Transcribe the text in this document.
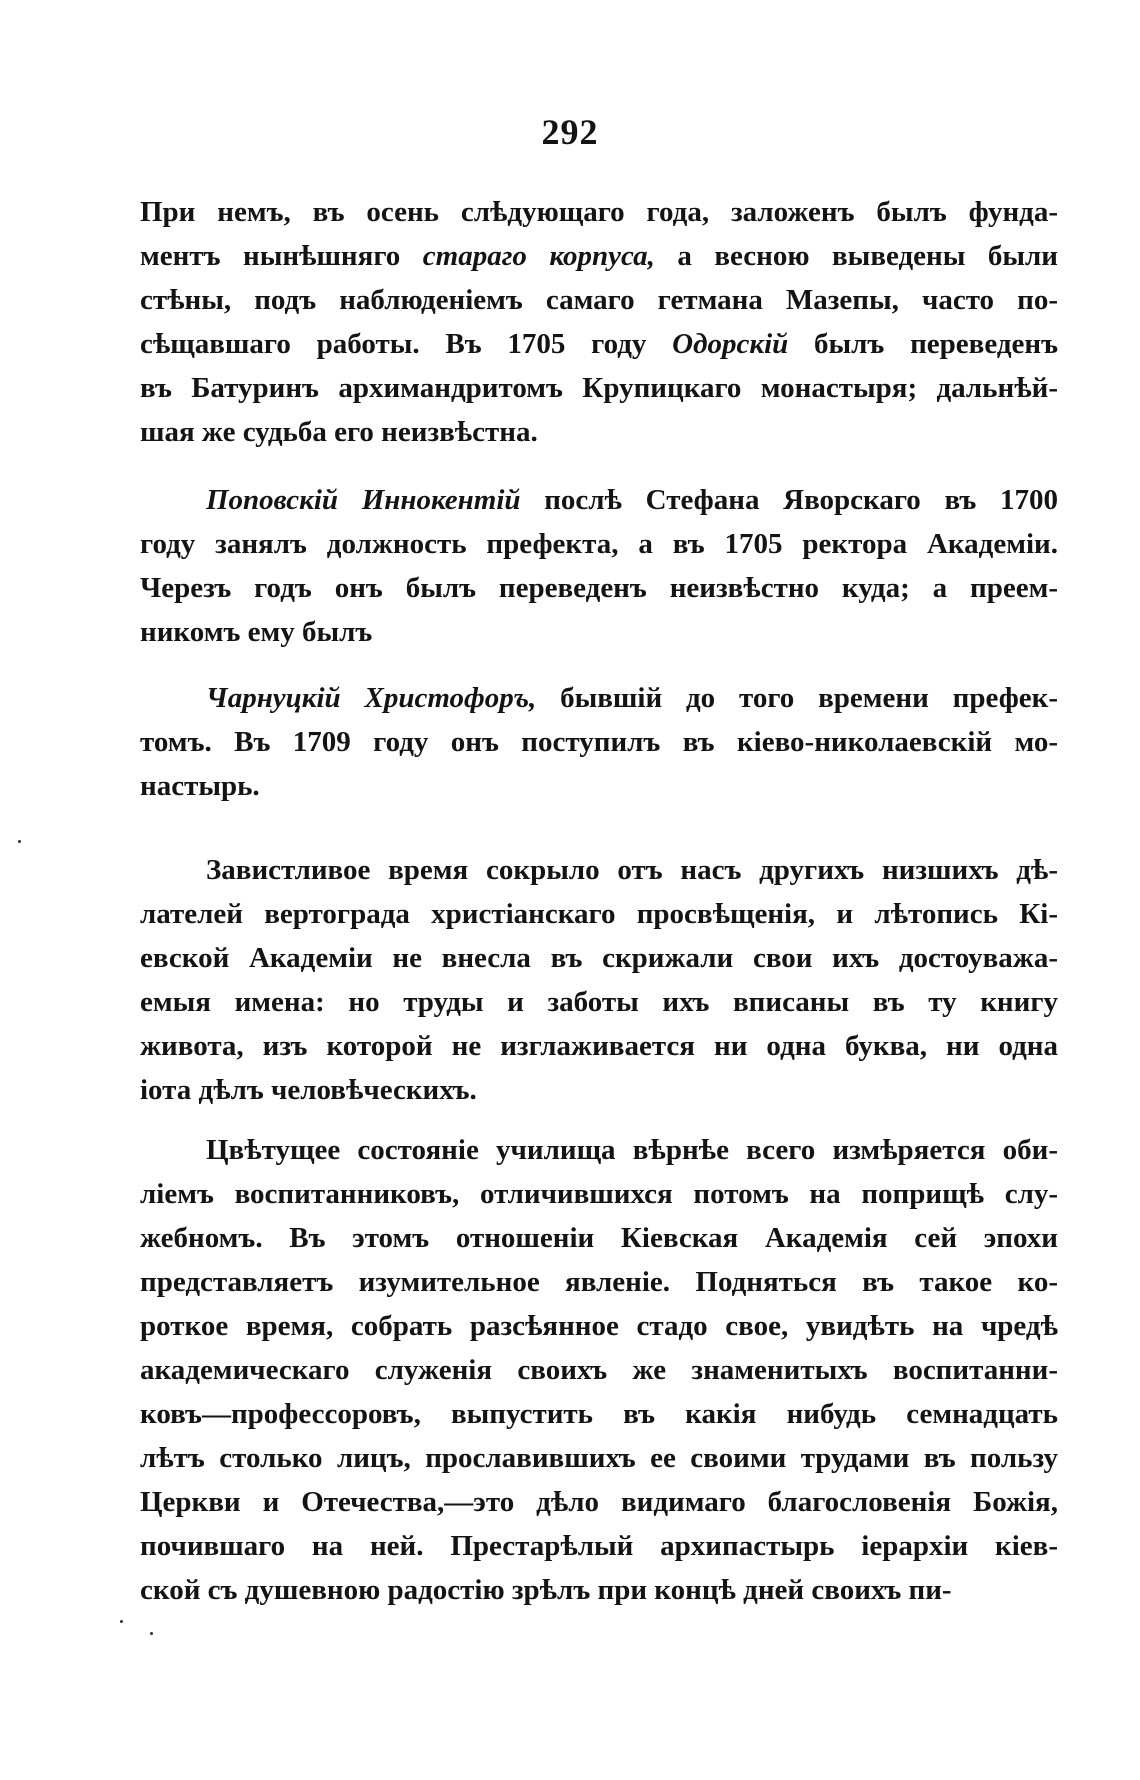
292
При немъ, въ осень слѣдующаго года, заложенъ былъ фунда-
ментъ нынѣшняго стараго корпуса, а весною выведены были
стѣны, подъ наблюденіемъ самаго гетмана Мазепы, часто по-
сѣщавшаго работы. Въ 1705 году Одорскій былъ переведенъ
въ Батуринъ архимандритомъ Крупицкаго монастыря; дальнѣй-
шая же судьба его неизвѣстна.
Поповскій Иннокентій послѣ Стефана Яворскаго въ 1700
году занялъ должность префекта, а въ 1705 ректора Академіи.
Черезъ годъ онъ былъ переведенъ неизвѣстно куда; а преем-
никомъ ему былъ
Чарнуцкій Христофоръ, бывшій до того времени префек-
томъ. Въ 1709 году онъ поступилъ въ кіево-николаевскій мо-
настырь.
Завистливое время сокрыло отъ насъ другихъ низшихъ дѣ-
лателей вертограда христіанскаго просвѣщенія, и лѣтопись Кі-
евской Академіи не внесла въ скрижали свои ихъ достоуважа-
емыя имена: но труды и заботы ихъ вписаны въ ту книгу
живота, изъ которой не изглаживается ни одна буква, ни одна
іота дѣлъ человѣческихъ.
Цвѣтущее состояніе училища вѣрнѣе всего измѣряется оби-
ліемъ воспитанниковъ, отличившихся потомъ на поприщѣ слу-
жебномъ. Въ этомъ отношеніи Кіевская Академія сей эпохи
представляетъ изумительное явленіе. Подняться въ такое ко-
роткое время, собрать разсѣянное стадо свое, увидѣть на чредѣ
академическаго служенія своихъ же знаменитыхъ воспитанни-
ковъ—профессоровъ, выпустить въ какія нибудь семнадцать
лѣтъ столько лицъ, прославившихъ ее своими трудами въ пользу
Церкви и Отечества,—это дѣло видимаго благословенія Божія,
почившаго на ней. Престарѣлый архипастырь іерархіи кіев-
ской съ душевною радостію зрѣлъ при концѣ дней своихъ пи-
